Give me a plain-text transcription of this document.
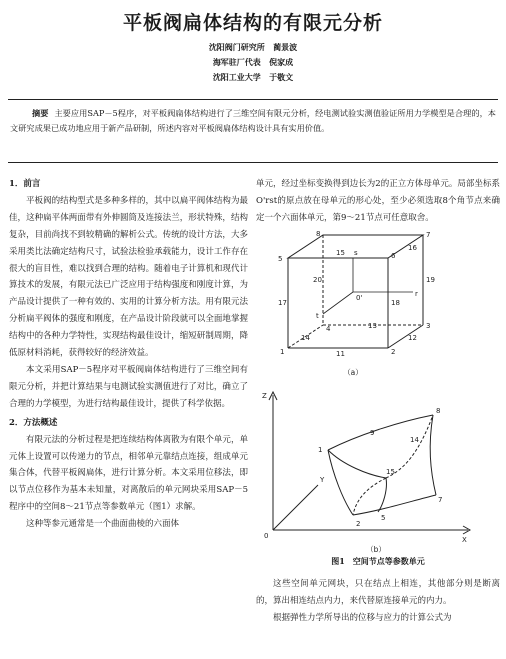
平板阀扁体结构的有限元分析
沈阳阀门研究所 蔺景波
海军驻厂代表 倪家成
沈阳工业大学 于敬文
摘要 主要应用SAP－5程序，对平板阀扁体结构进行了三维空间有限元分析，经电测试验实测值验证所用力学模型是合理的，本文研究成果已成功地应用于新产品研制，所述内容对平板阀扁体结构设计具有实用价值。

1．前言

平板阀的结构型式是多种多样的，其中以扁平阀体结构为最佳，这种扁平体两面带有外伸圆筒及连接法兰，形状特殊，结构复杂，目前尚找不到较精确的解析公式。传统的设计方法，大多采用类比法确定结构尺寸，试验法检验承载能力，设计工作存在很大的盲目性，难以找到合理的结构。随着电子计算机和现代计算技术的发展，有限元法已广泛应用于结构强度和刚度计算，为产品设计提供了一种有效的、实用的计算分析方法。用有限元法分析扁平阀体的强度和刚度，在产品设计阶段就可以全面地掌握结构中的各种力学特性，实现结构最佳设计，缩短研制周期，降低原材料消耗，获得较好的经济效益。

本文采用SAP－5程序对平板阀扁体结构进行了三维空间有限元分析，并把计算结果与电测试验实测值进行了对比，确立了合理的力学模型，为进行结构最佳设计，提供了科学依据。

2．方法概述

有限元法的分析过程是把连续结构体离散为有限个单元，单元体上设置可以传递力的节点，相邻单元靠结点连接，组成单元集合体，代替平板阀扁体，进行计算分析。本文采用位移法，即以节点位移作为基本未知量，对离散后的单元网块采用SAP－5程序中的空间8～21节点等参数单元（图1）求解。

这种等参元通常是一个曲面曲棱的六面体

单元，经过坐标变换得到边长为2的正立方体母单元。局部坐标系O'rst的原点放在母单元的形心处，至少必须选取8个角节点来确定一个六面体单元，第9～21节点可任意取舍。

5	6
7
8
1	2
3
4
17	18
19
20
11
12
13
14
15
16
s
r
t
0'
（a）
Z
X
Y
0
2
7
14
8
1
15
9
5
（b）
图1　空间节点等参数单元

这些空间单元网块，只在结点上相连，其他部分则是断离的，算出相连结点内力，来代替原连接单元的内力。

根据弹性力学所导出的位移与应力的计算公式为
